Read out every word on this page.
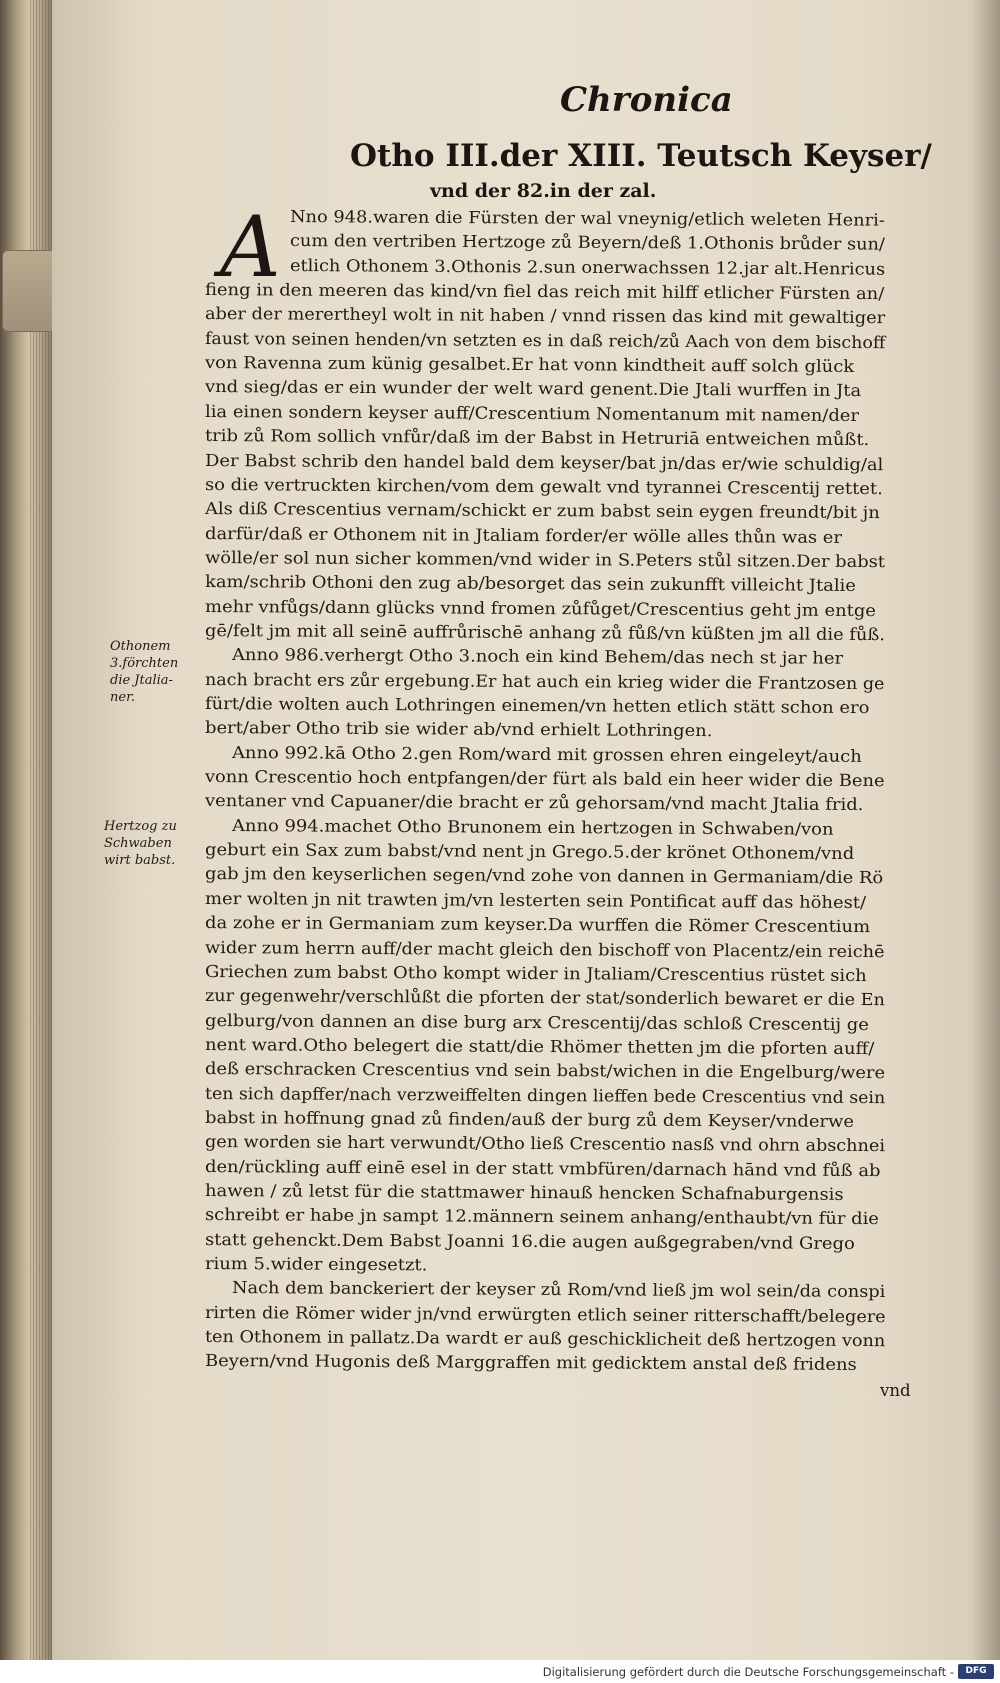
Chronica
Otho III.der XIII. Teutsch Keyser/
vnd der 82.in der zal.
A Nno 948.waren die Fürsten der wal vneynig/etlich weleten Henri-
cum den vertriben Hertzoge zů Beyern/deß 1.Othonis brůder sun/
etlich Othonem 3.Othonis 2.sun onerwachssen 12.jar alt.Henricus
fieng in den meeren das kind/vn fiel das reich mit hilff etlicher Fürsten an/
aber der merertheyl wolt in nit haben / vnnd rissen das kind mit gewaltiger
faust von seinen henden/vn setzten es in daß reich/zů Aach von dem bischoff
von Ravenna zum künig gesalbet.Er hat vonn kindtheit auff solch glück
vnd sieg/das er ein wunder der welt ward genent.Die Jtali wurffen in Jta
lia einen sondern keyser auff/Crescentium Nomentanum mit namen/der
trib zů Rom sollich vnfůr/daß im der Babst in Hetruriā entweichen můßt.
Der Babst schrib den handel bald dem keyser/bat jn/das er/wie schuldig/al
so die vertruckten kirchen/vom dem gewalt vnd tyrannei Crescentij rettet.
Als diß Crescentius vernam/schickt er zum babst sein eygen freundt/bit jn
darfür/daß er Othonem nit in Jtaliam forder/er wölle alles thůn was er
wölle/er sol nun sicher kommen/vnd wider in S.Peters stůl sitzen.Der babst
kam/schrib Othoni den zug ab/besorget das sein zukunfft villeicht Jtalie
mehr vnfůgs/dann glücks vnnd fromen zůfůget/Crescentius geht jm entge
gē/felt jm mit all seinē auffrůrischē anhang zů fůß/vn küßten jm all die fůß.
Anno 986.verhergt Otho 3.noch ein kind Behem/das nech st jar her
nach bracht ers zůr ergebung.Er hat auch ein krieg wider die Frantzosen ge
fürt/die wolten auch Lothringen einemen/vn hetten etlich stätt schon ero
bert/aber Otho trib sie wider ab/vnd erhielt Lothringen.
Anno 992.kā Otho 2.gen Rom/ward mit grossen ehren eingeleyt/auch
vonn Crescentio hoch entpfangen/der fürt als bald ein heer wider die Bene
ventaner vnd Capuaner/die bracht er zů gehorsam/vnd macht Jtalia frid.
Anno 994.machet Otho Brunonem ein hertzogen in Schwaben/von
geburt ein Sax zum babst/vnd nent jn Grego.5.der krönet Othonem/vnd
gab jm den keyserlichen segen/vnd zohe von dannen in Germaniam/die Rö
mer wolten jn nit trawten jm/vn lesterten sein Pontificat auff das höhest/
da zohe er in Germaniam zum keyser.Da wurffen die Römer Crescentium
wider zum herrn auff/der macht gleich den bischoff von Placentz/ein reichē
Griechen zum babst Otho kompt wider in Jtaliam/Crescentius rüstet sich
zur gegenwehr/verschlůßt die pforten der stat/sonderlich bewaret er die En
gelburg/von dannen an dise burg arx Crescentij/das schloß Crescentij ge
nent ward.Otho belegert die statt/die Rhömer thetten jm die pforten auff/
deß erschracken Crescentius vnd sein babst/wichen in die Engelburg/were
ten sich dapffer/nach verzweiffelten dingen lieffen bede Crescentius vnd sein
babst in hoffnung gnad zů finden/auß der burg zů dem Keyser/vnderwe
gen worden sie hart verwundt/Otho ließ Crescentio nasß vnd ohrn abschnei
den/rückling auff einē esel in der statt vmbfüren/darnach hānd vnd fůß ab
hawen / zů letst für die stattmawer hinauß hencken Schafnaburgensis
schreibt er habe jn sampt 12.männern seinem anhang/enthaubt/vn für die
statt gehenckt.Dem Babst Joanni 16.die augen außgegraben/vnd Grego
rium 5.wider eingesetzt.
Nach dem banckeriert der keyser zů Rom/vnd ließ jm wol sein/da conspi
rirten die Römer wider jn/vnd erwürgten etlich seiner ritterschafft/belegere
ten Othonem in pallatz.Da wardt er auß geschicklicheit deß hertzogen vonn
Beyern/vnd Hugonis deß Marggraffen mit gedicktem anstal deß fridens
Othonem
3.förchten
die Jtalia-
ner.
Hertzog zu
Schwaben
wirt babst.
vnd
Digitalisierung gefördert durch die Deutsche Forschungsgemeinschaft -	DFG
